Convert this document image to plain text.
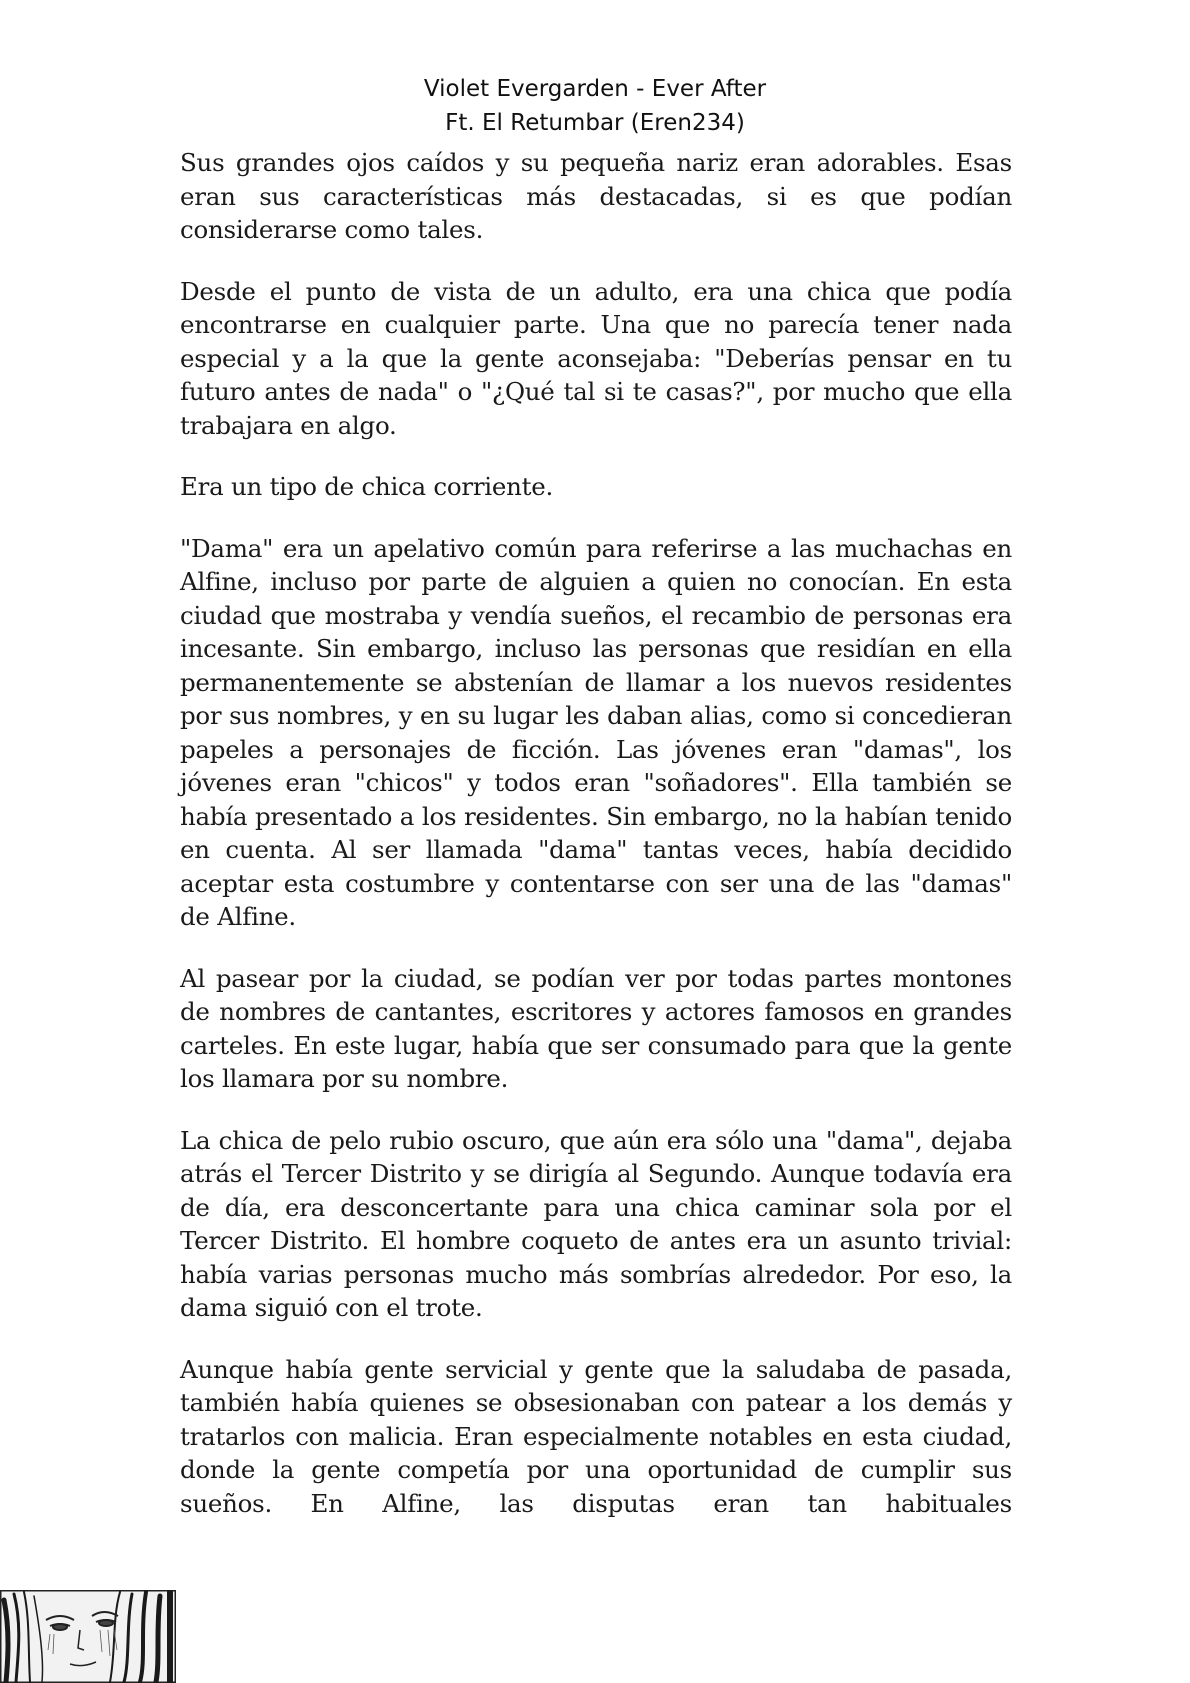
Violet Evergarden - Ever After
Ft. El Retumbar (Eren234)

Sus grandes ojos caídos y su pequeña nariz eran adorables. Esas eran sus características más destacadas, si es que podían considerarse como tales.

Desde el punto de vista de un adulto, era una chica que podía encontrarse en cualquier parte. Una que no parecía tener nada especial y a la que la gente aconsejaba: "Deberías pensar en tu futuro antes de nada" o "¿Qué tal si te casas?", por mucho que ella trabajara en algo.

Era un tipo de chica corriente.

"Dama" era un apelativo común para referirse a las muchachas en Alfine, incluso por parte de alguien a quien no conocían. En esta ciudad que mostraba y vendía sueños, el recambio de personas era incesante. Sin embargo, incluso las personas que residían en ella permanentemente se abstenían de llamar a los nuevos residentes por sus nombres, y en su lugar les daban alias, como si concedieran papeles a personajes de ficción. Las jóvenes eran "damas", los jóvenes eran "chicos" y todos eran "soñadores". Ella también se había presentado a los residentes. Sin embargo, no la habían tenido en cuenta. Al ser llamada "dama" tantas veces, había decidido aceptar esta costumbre y contentarse con ser una de las "damas" de Alfine.

Al pasear por la ciudad, se podían ver por todas partes montones de nombres de cantantes, escritores y actores famosos en grandes carteles. En este lugar, había que ser consumado para que la gente los llamara por su nombre.

La chica de pelo rubio oscuro, que aún era sólo una "dama", dejaba atrás el Tercer Distrito y se dirigía al Segundo. Aunque todavía era de día, era desconcertante para una chica caminar sola por el Tercer Distrito. El hombre coqueto de antes era un asunto trivial: había varias personas mucho más sombrías alrededor. Por eso, la dama siguió con el trote.

Aunque había gente servicial y gente que la saludaba de pasada, también había quienes se obsesionaban con patear a los demás y tratarlos con malicia. Eran especialmente notables en esta ciudad, donde la gente competía por una oportunidad de cumplir sus sueños. En Alfine, las disputas eran tan habituales
